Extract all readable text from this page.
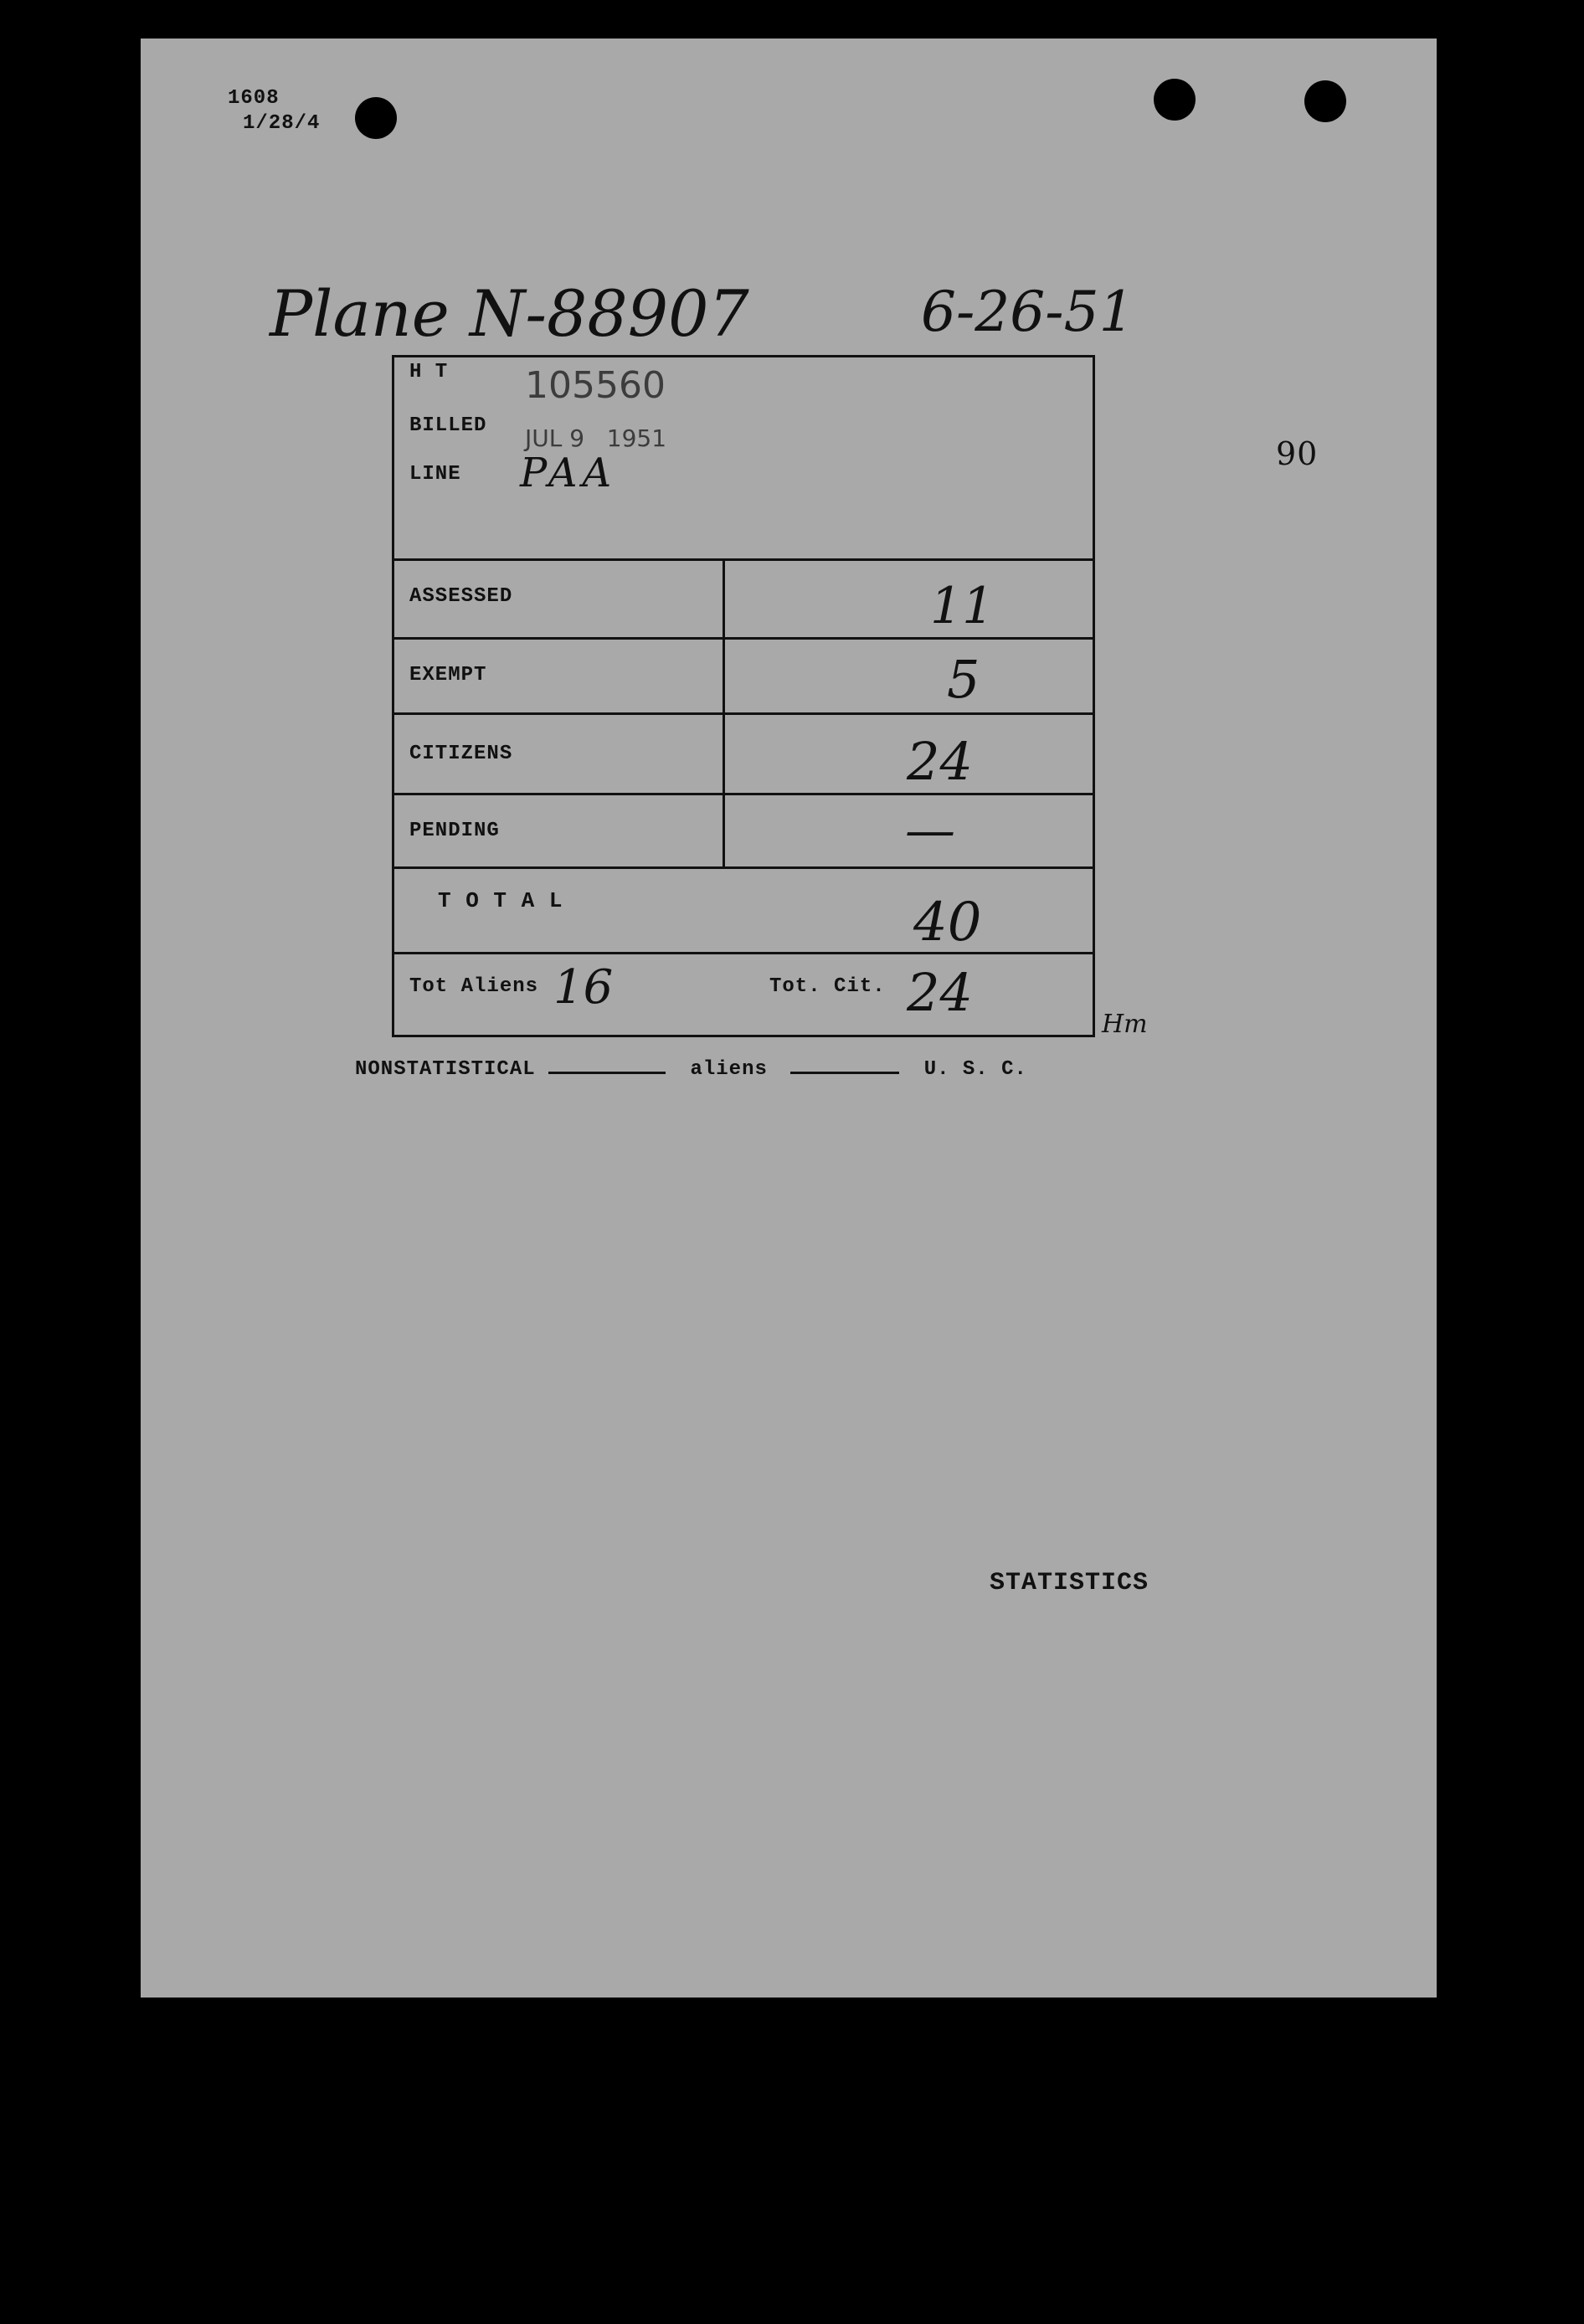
1608
1/28/4
Plane N-88907	6-26-51
90
H T 105560
BILLED JUL 9   1951
LINE PAA
ASSESSED	11
EXEMPT	5
CITIZENS	24
PENDING	—
T O T A L	40
Tot Aliens 16	Tot. Cit. 24
Hm
NONSTATISTICAL	aliens	U. S. C.
STATISTICS
